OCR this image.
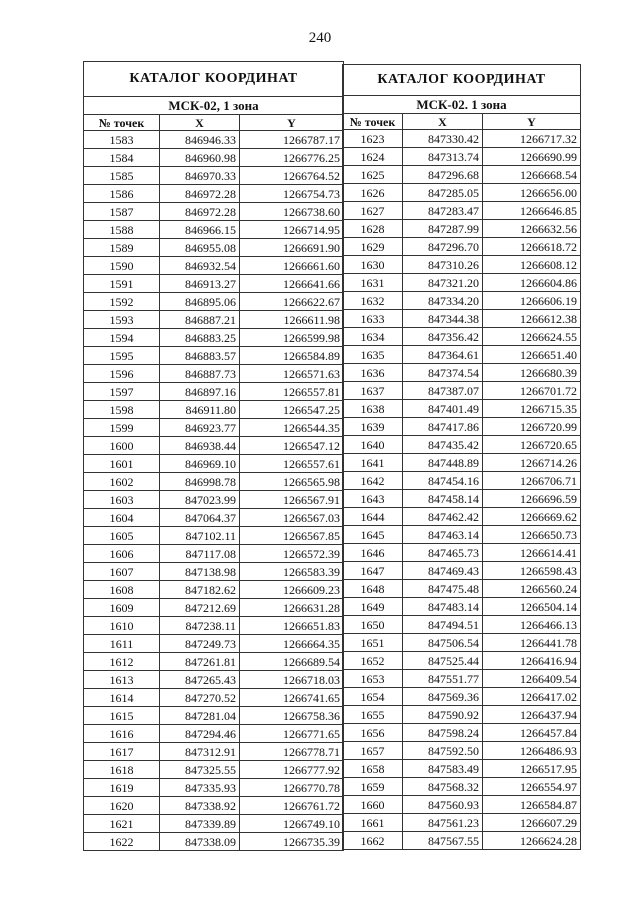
240
КАТАЛОГ КООРДИНАТ		
МСК-02, 1 зона		
№ точек	X	Y
1583	846946.33	1266787.17
1584	846960.98	1266776.25
1585	846970.33	1266764.52
1586	846972.28	1266754.73
1587	846972.28	1266738.60
1588	846966.15	1266714.95
1589	846955.08	1266691.90
1590	846932.54	1266661.60
1591	846913.27	1266641.66
1592	846895.06	1266622.67
1593	846887.21	1266611.98
1594	846883.25	1266599.98
1595	846883.57	1266584.89
1596	846887.73	1266571.63
1597	846897.16	1266557.81
1598	846911.80	1266547.25
1599	846923.77	1266544.35
1600	846938.44	1266547.12
1601	846969.10	1266557.61
1602	846998.78	1266565.98
1603	847023.99	1266567.91
1604	847064.37	1266567.03
1605	847102.11	1266567.85
1606	847117.08	1266572.39
1607	847138.98	1266583.39
1608	847182.62	1266609.23
1609	847212.69	1266631.28
1610	847238.11	1266651.83
1611	847249.73	1266664.35
1612	847261.81	1266689.54
1613	847265.43	1266718.03
1614	847270.52	1266741.65
1615	847281.04	1266758.36
1616	847294.46	1266771.65
1617	847312.91	1266778.71
1618	847325.55	1266777.92
1619	847335.93	1266770.78
1620	847338.92	1266761.72
1621	847339.89	1266749.10
1622	847338.09	1266735.39
КАТАЛОГ КООРДИНАТ		
МСК-02. 1 зона		
№ точек	X	Y
1623	847330.42	1266717.32
1624	847313.74	1266690.99
1625	847296.68	1266668.54
1626	847285.05	1266656.00
1627	847283.47	1266646.85
1628	847287.99	1266632.56
1629	847296.70	1266618.72
1630	847310.26	1266608.12
1631	847321.20	1266604.86
1632	847334.20	1266606.19
1633	847344.38	1266612.38
1634	847356.42	1266624.55
1635	847364.61	1266651.40
1636	847374.54	1266680.39
1637	847387.07	1266701.72
1638	847401.49	1266715.35
1639	847417.86	1266720.99
1640	847435.42	1266720.65
1641	847448.89	1266714.26
1642	847454.16	1266706.71
1643	847458.14	1266696.59
1644	847462.42	1266669.62
1645	847463.14	1266650.73
1646	847465.73	1266614.41
1647	847469.43	1266598.43
1648	847475.48	1266560.24
1649	847483.14	1266504.14
1650	847494.51	1266466.13
1651	847506.54	1266441.78
1652	847525.44	1266416.94
1653	847551.77	1266409.54
1654	847569.36	1266417.02
1655	847590.92	1266437.94
1656	847598.24	1266457.84
1657	847592.50	1266486.93
1658	847583.49	1266517.95
1659	847568.32	1266554.97
1660	847560.93	1266584.87
1661	847561.23	1266607.29
1662	847567.55	1266624.28
